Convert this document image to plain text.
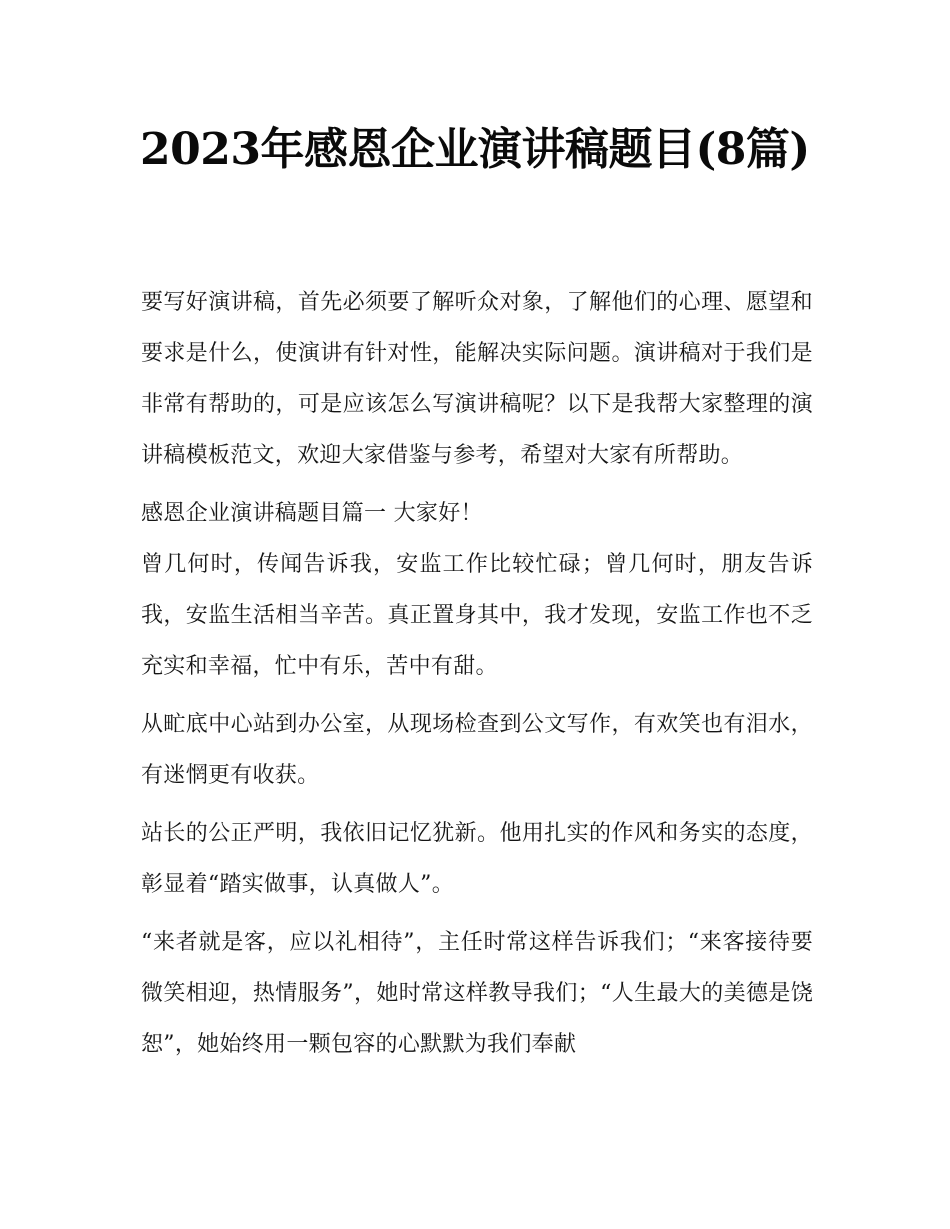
2023年感恩企业演讲稿题目(8篇)

要写好演讲稿，首先必须要了解听众对象，了解他们的心理、愿望和要求是什么，使演讲有针对性，能解决实际问题。演讲稿对于我们是非常有帮助的，可是应该怎么写演讲稿呢？以下是我帮大家整理的演讲稿模板范文，欢迎大家借鉴与参考，希望对大家有所帮助。

感恩企业演讲稿题目篇一 大家好！

曾几何时，传闻告诉我，安监工作比较忙碌；曾几何时，朋友告诉我，安监生活相当辛苦。真正置身其中，我才发现，安监工作也不乏充实和幸福，忙中有乐，苦中有甜。

从甿底中心站到办公室，从现场检查到公文写作，有欢笑也有泪水，有迷惘更有收获。

站长的公正严明，我依旧记忆犹新。他用扎实的作风和务实的态度，彰显着“踏实做事，认真做人”。

“来者就是客，应以礼相待”，主任时常这样告诉我们；“来客接待要微笑相迎，热情服务”，她时常这样教导我们；“人生最大的美德是饶恕”，她始终用一颗包容的心默默为我们奉献
